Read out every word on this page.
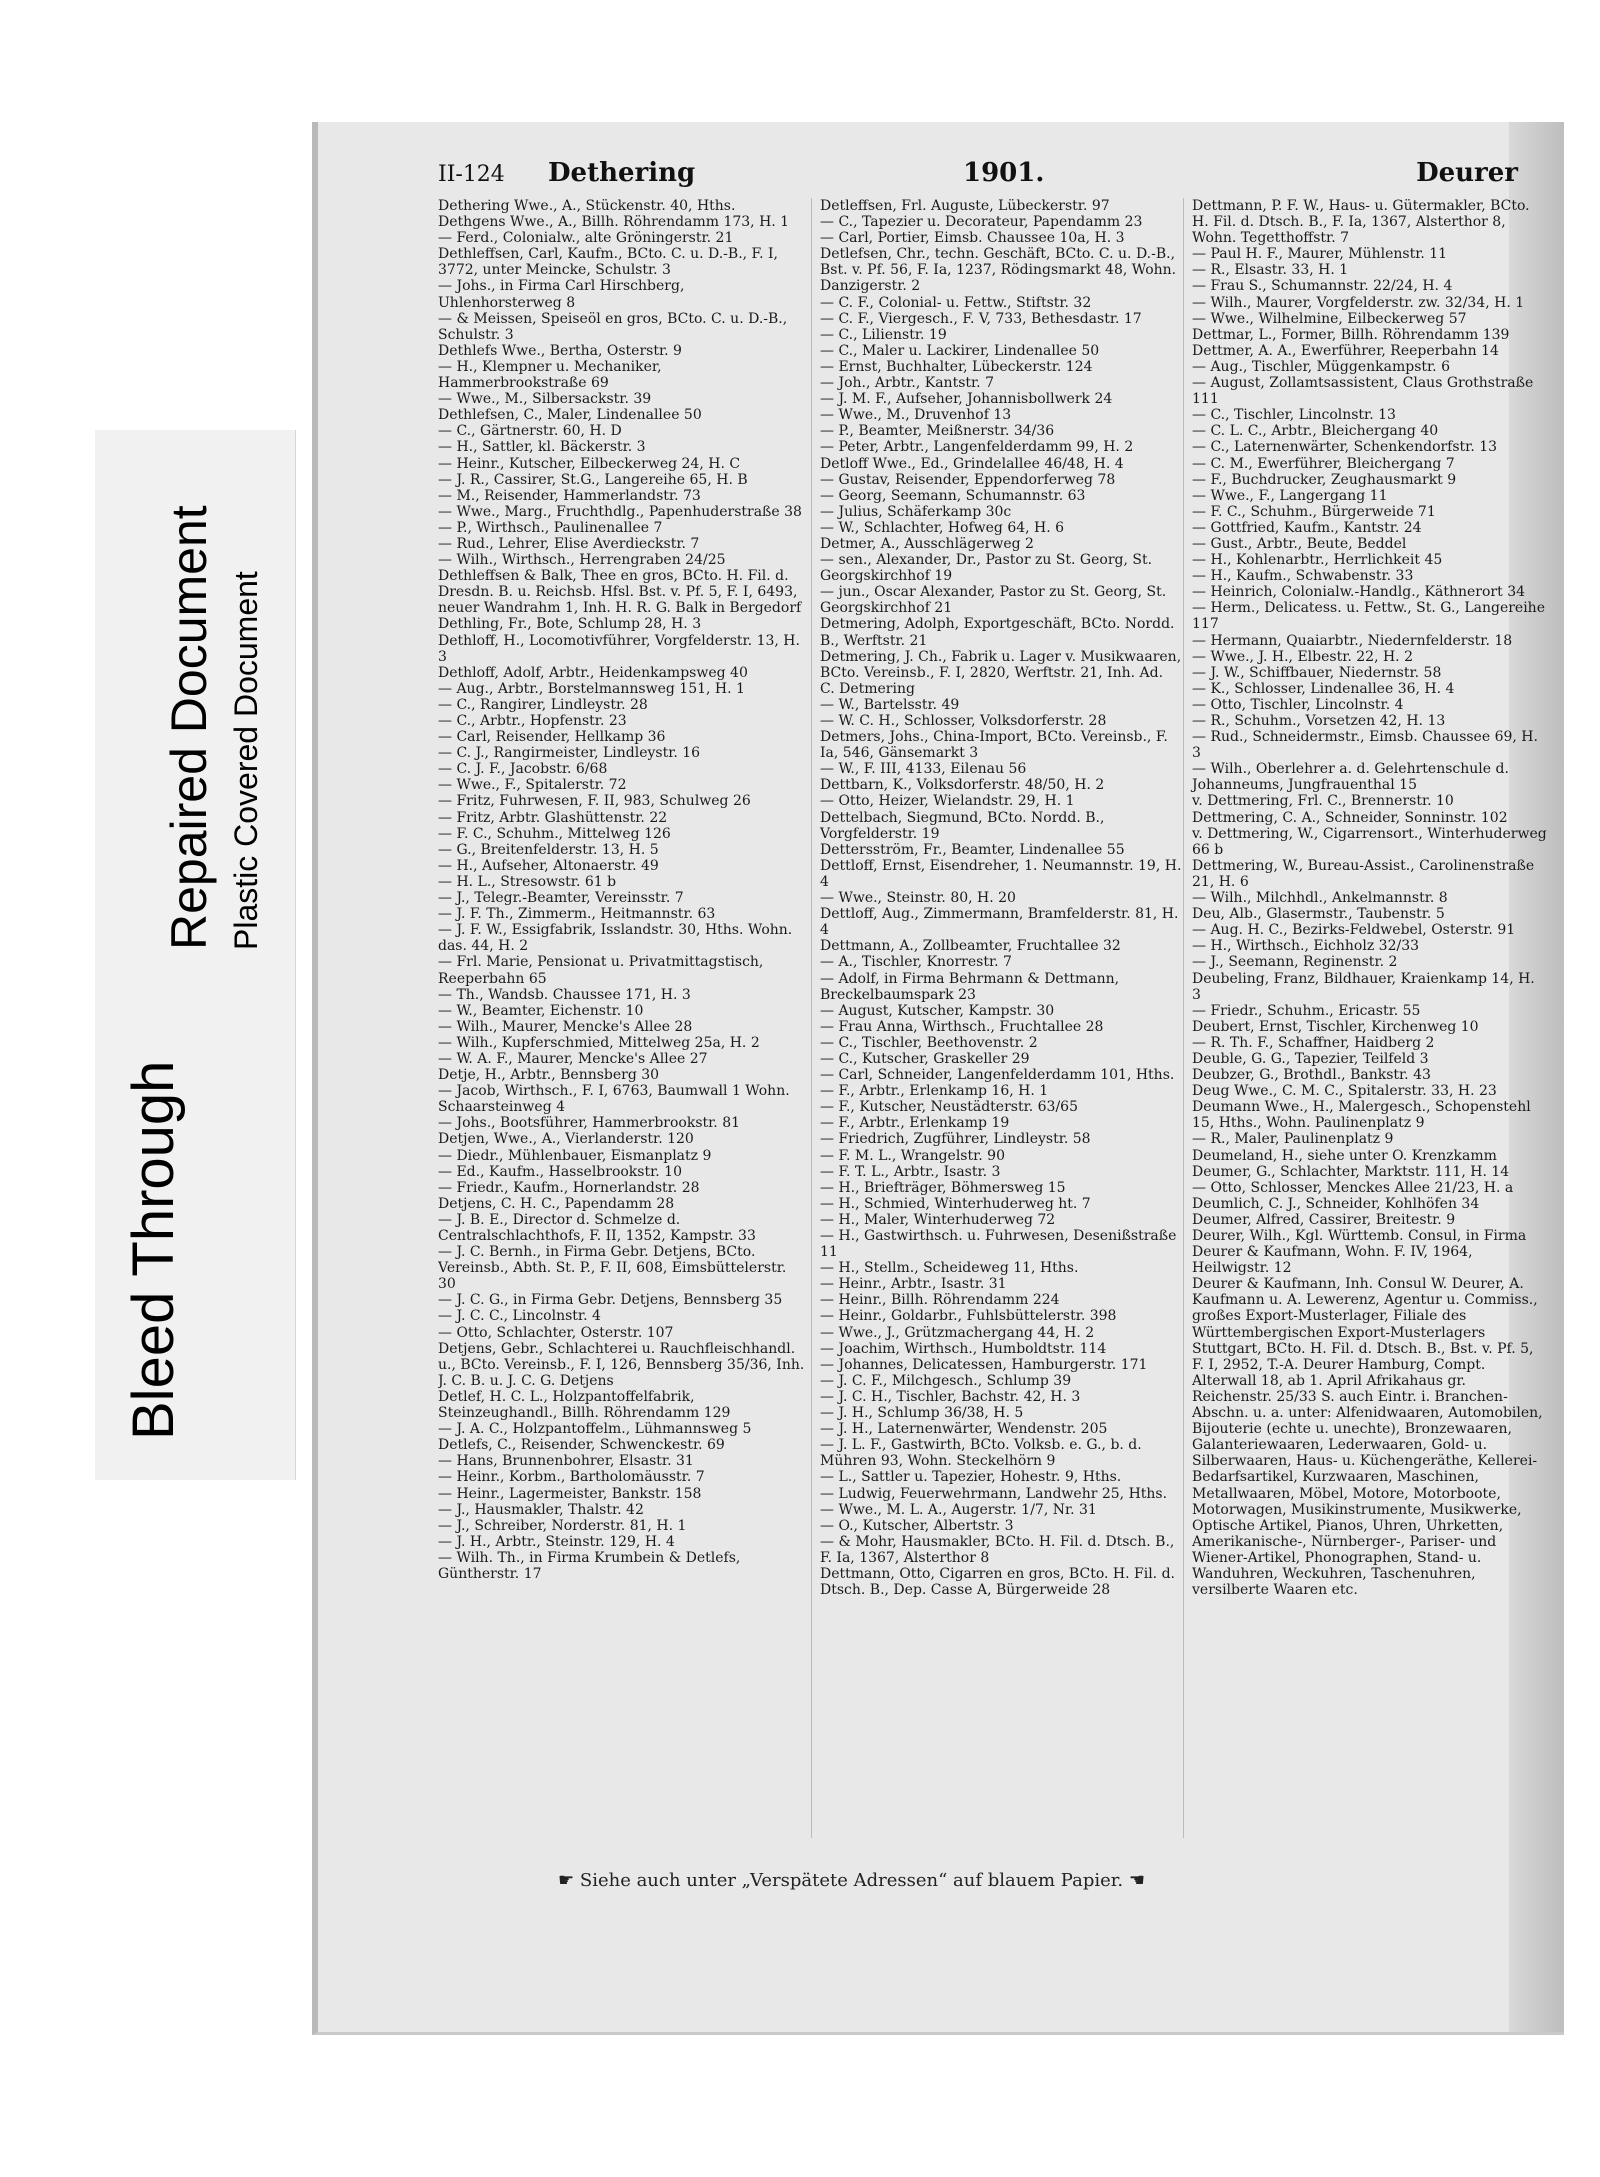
Bleed Through
Repaired Document Plastic Covered Document
II-124 Dethering	1901.	Deurer
Dethering Wwe., A., Stückenstr. 40, Hths.
Dethgens Wwe., A., Billh. Röhrendamm 173, H. 1
— Ferd., Colonialw., alte Gröningerstr. 21
Dethleffsen, Carl, Kaufm., BCto. C. u. D.-B., F. I, 3772, unter Meincke, Schulstr. 3
— Johs., in Firma Carl Hirschberg, Uhlenhorsterweg 8
— & Meissen, Speiseöl en gros, BCto. C. u. D.-B., Schulstr. 3
Dethlefs Wwe., Bertha, Osterstr. 9
— H., Klempner u. Mechaniker, Hammerbrookstraße 69
— Wwe., M., Silbersackstr. 39
Dethlefsen, C., Maler, Lindenallee 50
— C., Gärtnerstr. 60, H. D
— H., Sattler, kl. Bäckerstr. 3
— Heinr., Kutscher, Eilbeckerweg 24, H. C
— J. R., Cassirer, St.G., Langereihe 65, H. B
— M., Reisender, Hammerlandstr. 73
— Wwe., Marg., Fruchthdlg., Papenhuderstraße 38
— P., Wirthsch., Paulinenallee 7
— Rud., Lehrer, Elise Averdieckstr. 7
— Wilh., Wirthsch., Herrengraben 24/25
Dethleffsen & Balk, Thee en gros, BCto. H. Fil. d. Dresdn. B. u. Reichsb. Hfsl. Bst. v. Pf. 5, F. I, 6493, neuer Wandrahm 1, Inh. H. R. G. Balk in Bergedorf
Dethling, Fr., Bote, Schlump 28, H. 3
Dethloff, H., Locomotivführer, Vorgfelderstr. 13, H. 3
Dethloff, Adolf, Arbtr., Heidenkampsweg 40
— Aug., Arbtr., Borstelmannsweg 151, H. 1
— C., Rangirer, Lindleystr. 28
— C., Arbtr., Hopfenstr. 23
— Carl, Reisender, Hellkamp 36
— C. J., Rangirmeister, Lindleystr. 16
— C. J. F., Jacobstr. 6/68
— Wwe., F., Spitalerstr. 72
— Fritz, Fuhrwesen, F. II, 983, Schulweg 26
— Fritz, Arbtr. Glashüttenstr. 22
— F. C., Schuhm., Mittelweg 126
— G., Breitenfelderstr. 13, H. 5
— H., Aufseher, Altonaerstr. 49
— H. L., Stresowstr. 61 b
— J., Telegr.-Beamter, Vereinsstr. 7
— J. F. Th., Zimmerm., Heitmannstr. 63
— J. F. W., Essigfabrik, Isslandstr. 30, Hths. Wohn. das. 44, H. 2
— Frl. Marie, Pensionat u. Privatmittagstisch, Reeperbahn 65
— Th., Wandsb. Chaussee 171, H. 3
— W., Beamter, Eichenstr. 10
— Wilh., Maurer, Mencke's Allee 28
— Wilh., Kupferschmied, Mittelweg 25a, H. 2
— W. A. F., Maurer, Mencke's Allee 27
Detje, H., Arbtr., Bennsberg 30
— Jacob, Wirthsch., F. I, 6763, Baumwall 1 Wohn. Schaarsteinweg 4
— Johs., Bootsführer, Hammerbrookstr. 81
Detjen, Wwe., A., Vierlanderstr. 120
— Diedr., Mühlenbauer, Eismanplatz 9
— Ed., Kaufm., Hasselbrookstr. 10
— Friedr., Kaufm., Hornerlandstr. 28
Detjens, C. H. C., Papendamm 28
— J. B. E., Director d. Schmelze d. Centralschlachthofs, F. II, 1352, Kampstr. 33
— J. C. Bernh., in Firma Gebr. Detjens, BCto. Vereinsb., Abth. St. P., F. II, 608, Eimsbüttelerstr. 30
— J. C. G., in Firma Gebr. Detjens, Bennsberg 35
— J. C. C., Lincolnstr. 4
— Otto, Schlachter, Osterstr. 107
Detjens, Gebr., Schlachterei u. Rauchfleischhandl. u., BCto. Vereinsb., F. I, 126, Bennsberg 35/36, Inh. J. C. B. u. J. C. G. Detjens
Detlef, H. C. L., Holzpantoffelfabrik, Steinzeughandl., Billh. Röhrendamm 129
— J. A. C., Holzpantoffelm., Lühmannsweg 5
Detlefs, C., Reisender, Schwenckestr. 69
— Hans, Brunnenbohrer, Elsastr. 31
— Heinr., Korbm., Bartholomäusstr. 7
— Heinr., Lagermeister, Bankstr. 158
— J., Hausmakler, Thalstr. 42
— J., Schreiber, Norderstr. 81, H. 1
— J. H., Arbtr., Steinstr. 129, H. 4
— Wilh. Th., in Firma Krumbein & Detlefs, Güntherstr. 17
Detleffsen, Frl. Auguste, Lübeckerstr. 97
— C., Tapezier u. Decorateur, Papendamm 23
— Carl, Portier, Eimsb. Chaussee 10a, H. 3
Detlefsen, Chr., techn. Geschäft, BCto. C. u. D.-B., Bst. v. Pf. 56, F. Ia, 1237, Rödingsmarkt 48, Wohn. Danzigerstr. 2
— C. F., Colonial- u. Fettw., Stiftstr. 32
— C. F., Viergesch., F. V, 733, Bethesdastr. 17
— C., Lilienstr. 19
— C., Maler u. Lackirer, Lindenallee 50
— Ernst, Buchhalter, Lübeckerstr. 124
— Joh., Arbtr., Kantstr. 7
— J. M. F., Aufseher, Johannisbollwerk 24
— Wwe., M., Druvenhof 13
— P., Beamter, Meißnerstr. 34/36
— Peter, Arbtr., Langenfelderdamm 99, H. 2
Detloff Wwe., Ed., Grindelallee 46/48, H. 4
— Gustav, Reisender, Eppendorferweg 78
— Georg, Seemann, Schumannstr. 63
— Julius, Schäferkamp 30c
— W., Schlachter, Hofweg 64, H. 6
Detmer, A., Ausschlägerweg 2
— sen., Alexander, Dr., Pastor zu St. Georg, St. Georgskirchhof 19
— jun., Oscar Alexander, Pastor zu St. Georg, St. Georgskirchhof 21
Detmering, Adolph, Exportgeschäft, BCto. Nordd. B., Werftstr. 21
Detmering, J. Ch., Fabrik u. Lager v. Musikwaaren, BCto. Vereinsb., F. I, 2820, Werftstr. 21, Inh. Ad. C. Detmering
— W., Bartelsstr. 49
— W. C. H., Schlosser, Volksdorferstr. 28
Detmers, Johs., China-Import, BCto. Vereinsb., F. Ia, 546, Gänsemarkt 3
— W., F. III, 4133, Eilenau 56
Dettbarn, K., Volksdorferstr. 48/50, H. 2
— Otto, Heizer, Wielandstr. 29, H. 1
Dettelbach, Siegmund, BCto. Nordd. B., Vorgfelderstr. 19
Dettersström, Fr., Beamter, Lindenallee 55
Dettloff, Ernst, Eisendreher, 1. Neumannstr. 19, H. 4
— Wwe., Steinstr. 80, H. 20
Dettloff, Aug., Zimmermann, Bramfelderstr. 81, H. 4
Dettmann, A., Zollbeamter, Fruchtallee 32
— A., Tischler, Knorrestr. 7
— Adolf, in Firma Behrmann & Dettmann, Breckelbaumspark 23
— August, Kutscher, Kampstr. 30
— Frau Anna, Wirthsch., Fruchtallee 28
— C., Tischler, Beethovenstr. 2
— C., Kutscher, Graskeller 29
— Carl, Schneider, Langenfelderdamm 101, Hths.
— F., Arbtr., Erlenkamp 16, H. 1
— F., Kutscher, Neustädterstr. 63/65
— F., Arbtr., Erlenkamp 19
— Friedrich, Zugführer, Lindleystr. 58
— F. M. L., Wrangelstr. 90
— F. T. L., Arbtr., Isastr. 3
— H., Briefträger, Böhmersweg 15
— H., Schmied, Winterhuderweg ht. 7
— H., Maler, Winterhuderweg 72
— H., Gastwirthsch. u. Fuhrwesen, Desenißstraße 11
— H., Stellm., Scheideweg 11, Hths.
— Heinr., Arbtr., Isastr. 31
— Heinr., Billh. Röhrendamm 224
— Heinr., Goldarbr., Fuhlsbüttelerstr. 398
— Wwe., J., Grützmachergang 44, H. 2
— Joachim, Wirthsch., Humboldtstr. 114
— Johannes, Delicatessen, Hamburgerstr. 171
— J. C. F., Milchgesch., Schlump 39
— J. C. H., Tischler, Bachstr. 42, H. 3
— J. H., Schlump 36/38, H. 5
— J. H., Laternenwärter, Wendenstr. 205
— J. L. F., Gastwirth, BCto. Volksb. e. G., b. d. Mühren 93, Wohn. Steckelhörn 9
— L., Sattler u. Tapezier, Hohestr. 9, Hths.
— Ludwig, Feuerwehrmann, Landwehr 25, Hths.
— Wwe., M. L. A., Augerstr. 1/7, Nr. 31
— O., Kutscher, Albertstr. 3
— & Mohr, Hausmakler, BCto. H. Fil. d. Dtsch. B., F. Ia, 1367, Alsterthor 8
Dettmann, Otto, Cigarren en gros, BCto. H. Fil. d. Dtsch. B., Dep. Casse A, Bürgerweide 28
Dettmann, P. F. W., Haus- u. Gütermakler, BCto. H. Fil. d. Dtsch. B., F. Ia, 1367, Alsterthor 8, Wohn. Tegetthoffstr. 7
— Paul H. F., Maurer, Mühlenstr. 11
— R., Elsastr. 33, H. 1
— Frau S., Schumannstr. 22/24, H. 4
— Wilh., Maurer, Vorgfelderstr. zw. 32/34, H. 1
— Wwe., Wilhelmine, Eilbeckerweg 57
Dettmar, L., Former, Billh. Röhrendamm 139
Dettmer, A. A., Ewerführer, Reeperbahn 14
— Aug., Tischler, Müggenkampstr. 6
— August, Zollamtsassistent, Claus Grothstraße 111
— C., Tischler, Lincolnstr. 13
— C. L. C., Arbtr., Bleichergang 40
— C., Laternenwärter, Schenkendorfstr. 13
— C. M., Ewerführer, Bleichergang 7
— F., Buchdrucker, Zeughausmarkt 9
— Wwe., F., Langergang 11
— F. C., Schuhm., Bürgerweide 71
— Gottfried, Kaufm., Kantstr. 24
— Gust., Arbtr., Beute, Beddel
— H., Kohlenarbtr., Herrlichkeit 45
— H., Kaufm., Schwabenstr. 33
— Heinrich, Colonialw.-Handlg., Käthnerort 34
— Herm., Delicatess. u. Fettw., St. G., Langereihe 117
— Hermann, Quaiarbtr., Niedernfelderstr. 18
— Wwe., J. H., Elbestr. 22, H. 2
— J. W., Schiffbauer, Niedernstr. 58
— K., Schlosser, Lindenallee 36, H. 4
— Otto, Tischler, Lincolnstr. 4
— R., Schuhm., Vorsetzen 42, H. 13
— Rud., Schneidermstr., Eimsb. Chaussee 69, H. 3
— Wilh., Oberlehrer a. d. Gelehrtenschule d. Johanneums, Jungfrauenthal 15
v. Dettmering, Frl. C., Brennerstr. 10
Dettmering, C. A., Schneider, Sonninstr. 102
v. Dettmering, W., Cigarrensort., Winterhuderweg 66 b
Dettmering, W., Bureau-Assist., Carolinenstraße 21, H. 6
— Wilh., Milchhdl., Ankelmannstr. 8
Deu, Alb., Glasermstr., Taubenstr. 5
— Aug. H. C., Bezirks-Feldwebel, Osterstr. 91
— H., Wirthsch., Eichholz 32/33
— J., Seemann, Reginenstr. 2
Deubeling, Franz, Bildhauer, Kraienkamp 14, H. 3
— Friedr., Schuhm., Ericastr. 55
Deubert, Ernst, Tischler, Kirchenweg 10
— R. Th. F., Schaffner, Haidberg 2
Deuble, G. G., Tapezier, Teilfeld 3
Deubzer, G., Brothdl., Bankstr. 43
Deug Wwe., C. M. C., Spitalerstr. 33, H. 23
Deumann Wwe., H., Malergesch., Schopenstehl 15, Hths., Wohn. Paulinenplatz 9
— R., Maler, Paulinenplatz 9
Deumeland, H., siehe unter O. Krenzkamm
Deumer, G., Schlachter, Marktstr. 111, H. 14
— Otto, Schlosser, Menckes Allee 21/23, H. a
Deumlich, C. J., Schneider, Kohlhöfen 34
Deumer, Alfred, Cassirer, Breitestr. 9
Deurer, Wilh., Kgl. Württemb. Consul, in Firma Deurer & Kaufmann, Wohn. F. IV, 1964, Heilwigstr. 12
Deurer & Kaufmann, Inh. Consul W. Deurer, A. Kaufmann u. A. Lewerenz, Agentur u. Commiss., großes Export-Musterlager, Filiale des Württembergischen Export-Musterlagers Stuttgart, BCto. H. Fil. d. Dtsch. B., Bst. v. Pf. 5, F. I, 2952, T.-A. Deurer Hamburg, Compt. Alterwall 18, ab 1. April Afrikahaus gr. Reichenstr. 25/33 S. auch Eintr. i. Branchen-Abschn. u. a. unter: Alfenidwaaren, Automobilen, Bijouterie (echte u. unechte), Bronzewaaren, Galanteriewaaren, Lederwaaren, Gold- u. Silberwaaren, Haus- u. Küchengeräthe, Kellerei-Bedarfsartikel, Kurzwaaren, Maschinen, Metallwaaren, Möbel, Motore, Motorboote, Motorwagen, Musikinstrumente, Musikwerke, Optische Artikel, Pianos, Uhren, Uhrketten, Amerikanische-, Nürnberger-, Pariser- und Wiener-Artikel, Phonographen, Stand- u. Wanduhren, Weckuhren, Taschenuhren, versilberte Waaren etc.
☛ Siehe auch unter „Verspätete Adressen“ auf blauem Papier. ☚
